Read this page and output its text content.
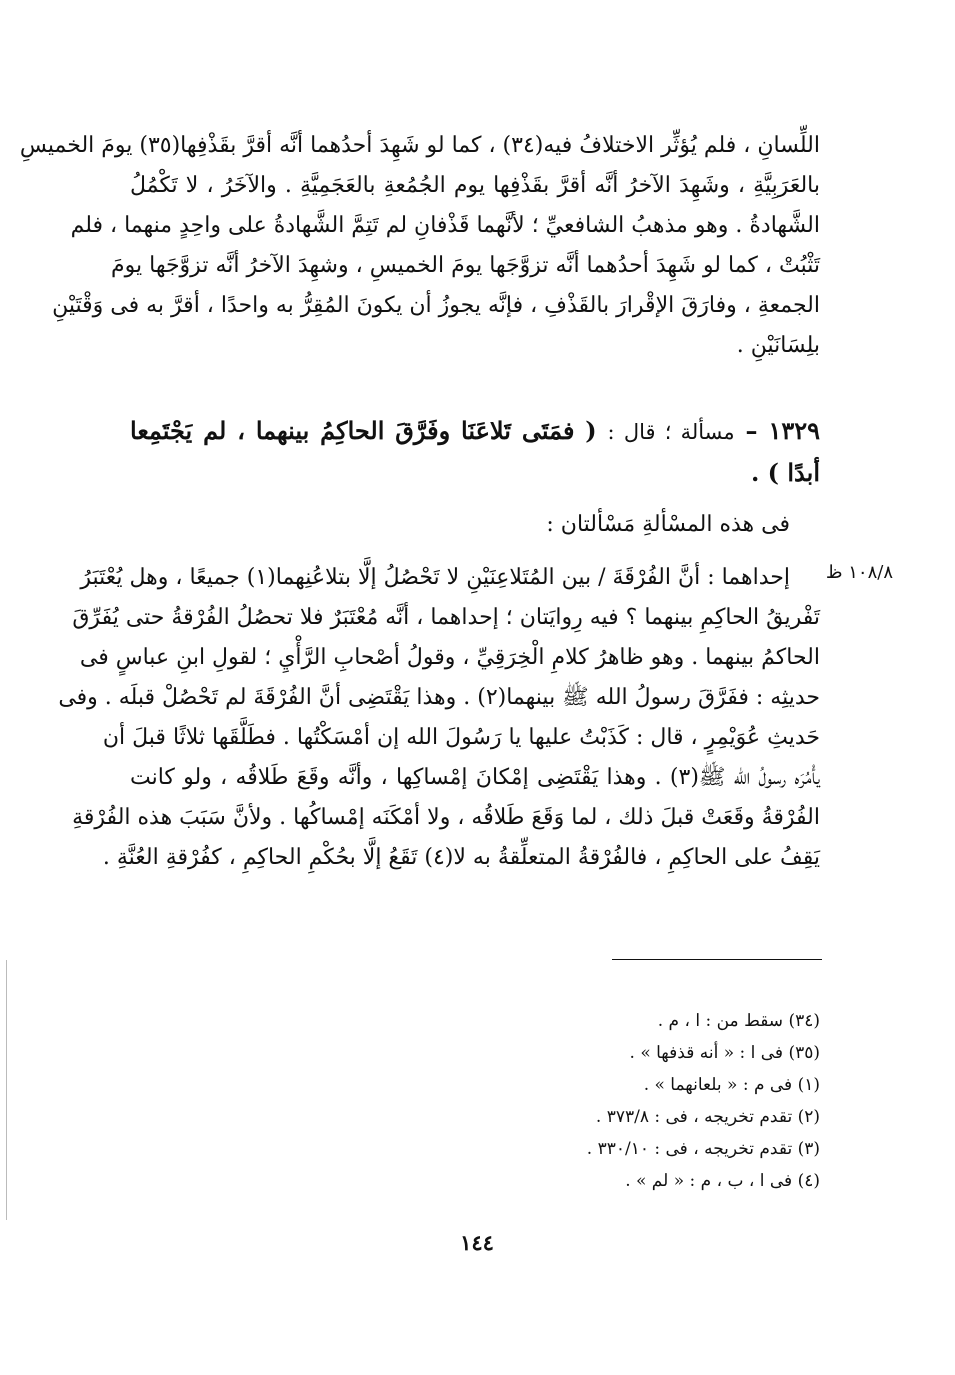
اللِّسانِ ، فلم يُؤثِّر الاختلافُ فيه(٣٤) ، كما لو شَهِدَ أحدُهما أنَّه أقرَّ بقَذْفِها(٣٥) يومَ الخميسِ
بالعَرَبِيَّةِ ، وشَهِدَ الآخرُ أنَّه أقرَّ بقَذْفِها يوم الجُمُعةِ بالعَجَمِيَّةِ . والآخَرُ ، لا تَكْمُلُ
الشَّهادةُ . وهو مذهبُ الشافعيِّ ؛ لأنَّهما قَذْفانِ لم تَتِمَّ الشَّهادةُ على واحِدٍ منهما ، فلم
تَثْبُتْ ، كما لو شَهِدَ أحدُهما أنَّه تزوَّجَها يومَ الخميسِ ، وشهِدَ الآخرُ أنَّه تزوَّجَها يومَ
الجمعةِ ، وفارَقَ الإقْرارَ بالقَذْفِ ، فإنَّه يجوزُ أن يكونَ المُقِرُّ به واحدًا ، أقرَّ به فى وَقْتَيْنِ
بلِسَانَيْنِ .
١٣٢٩ – مسألة ؛ قال : ( فمَتَى تَلاعَنَا وفَرَّقَ الحاكِمُ بينهما ، لم يَجْتَمِعا
أبدًا ) .
فى هذه المسْألةِ مَسْألتان :
١٠٨/٨ ظ
إحداهما : أنَّ الفُرْقَةَ / بين المُتَلاعِنَيْنِ لا تَحْصُلُ إلَّا بتلاعُنِهما(١) جميعًا ، وهل يُعْتَبَرُ
تَفْريقُ الحاكِمِ بينهما ؟ فيه رِوايَتان ؛ إحداهما ، أنَّه مُعْتَبَرٌ فلا تحصُلُ الفُرْقةُ حتى يُفَرِّقَ
الحاكمُ بينهما . وهو ظاهرُ كلامِ الْخِرَقِيِّ ، وقولُ أصْحابِ الرَّأْيِ ؛ لقولِ ابنِ عباسٍ فى
حديثِه : ففَرَّقَ رسولُ الله ﷺ بينهما(٢) . وهذا يَقْتَضِى أنَّ الفُرْقَةَ لم تَحْصُلْ قبلَه . وفى
حَديثِ عُوَيْمِرٍ ، قال : كَذَبْتُ عليها يا رَسُولَ الله إن أمْسَكْتُها . فطَلَّقَها ثلاثًا قبلَ أن
يأْمُرَه رسولُ الله ﷺ(٣) . وهذا يَقْتَضِى إمْكانَ إمْساكِها ، وأنَّه وقَعَ طَلاقُه ، ولو كانت
الفُرْقةُ وقَعَتْ قبلَ ذلك ، لما وَقَعَ طَلاقُه ، ولا أمْكَنَه إمْساكُها . ولأنَّ سَبَبَ هذه الفُرْقةِ
يَقِفُ على الحاكِمِ ، فالفُرْقةُ المتعلِّقةُ به لا(٤) تَقَعُ إلَّا بحُكْمِ الحاكِمِ ، كفُرْقةِ العُنَّةِ .
(٣٤) سقط من : ا ، م .
(٣٥) فى ا : « أنه قذفها » .
(١) فى م : « بلعانهما » .
(٢) تقدم تخريجه ، فى : ٣٧٣/٨ .
(٣) تقدم تخريجه ، فى : ٣٣٠/١٠ .
(٤) فى ا ، ب ، م : « لم » .
١٤٤
